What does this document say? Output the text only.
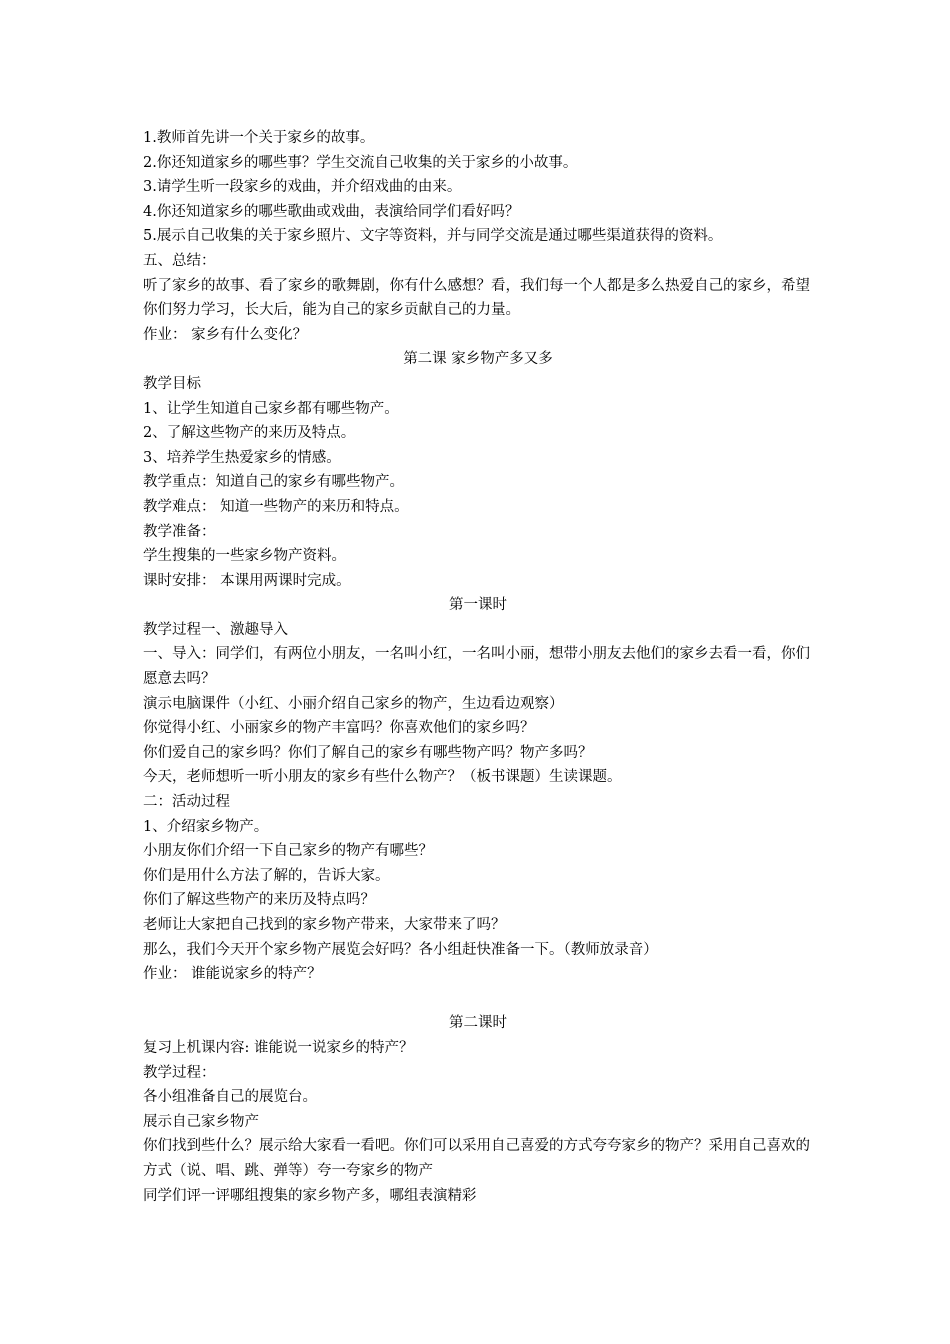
1.教师首先讲一个关于家乡的故事。

2.你还知道家乡的哪些事？学生交流自己收集的关于家乡的小故事。

3.请学生听一段家乡的戏曲，并介绍戏曲的由来。

4.你还知道家乡的哪些歌曲或戏曲，表演给同学们看好吗？

5.展示自己收集的关于家乡照片、文字等资料，并与同学交流是通过哪些渠道获得的资料。

五、总结：

听了家乡的故事、看了家乡的歌舞剧，你有什么感想？看，我们每一个人都是多么热爱自己的家乡，希望你们努力学习，长大后，能为自己的家乡贡献自己的力量。

作业： 家乡有什么变化？

第二课 家乡物产多又多

教学目标

1、让学生知道自己家乡都有哪些物产。

2、了解这些物产的来历及特点。

3、培养学生热爱家乡的情感。

教学重点：知道自己的家乡有哪些物产。

教学难点： 知道一些物产的来历和特点。

教学准备：

学生搜集的一些家乡物产资料。

课时安排： 本课用两课时完成。

第一课时

教学过程一、激趣导入

一、导入：同学们，有两位小朋友，一名叫小红，一名叫小丽，想带小朋友去他们的家乡去看一看，你们愿意去吗？

演示电脑课件（小红、小丽介绍自己家乡的物产，生边看边观察）

你觉得小红、小丽家乡的物产丰富吗？你喜欢他们的家乡吗？

你们爱自己的家乡吗？你们了解自己的家乡有哪些物产吗？物产多吗？

今天，老师想听一听小朋友的家乡有些什么物产？（板书课题）生读课题。

二：活动过程

1、介绍家乡物产。

小朋友你们介绍一下自己家乡的物产有哪些？

你们是用什么方法了解的，告诉大家。

你们了解这些物产的来历及特点吗？

老师让大家把自己找到的家乡物产带来，大家带来了吗？

那么，我们今天开个家乡物产展览会好吗？各小组赶快准备一下。（教师放录音）

作业： 谁能说家乡的特产？

第二课时

复习上机课内容: 谁能说一说家乡的特产？

教学过程：

各小组准备自己的展览台。

展示自己家乡物产

你们找到些什么？展示给大家看一看吧。你们可以采用自己喜爱的方式夸夸家乡的物产？采用自己喜欢的方式（说、唱、跳、弹等）夸一夸家乡的物产

同学们评一评哪组搜集的家乡物产多，哪组表演精彩
